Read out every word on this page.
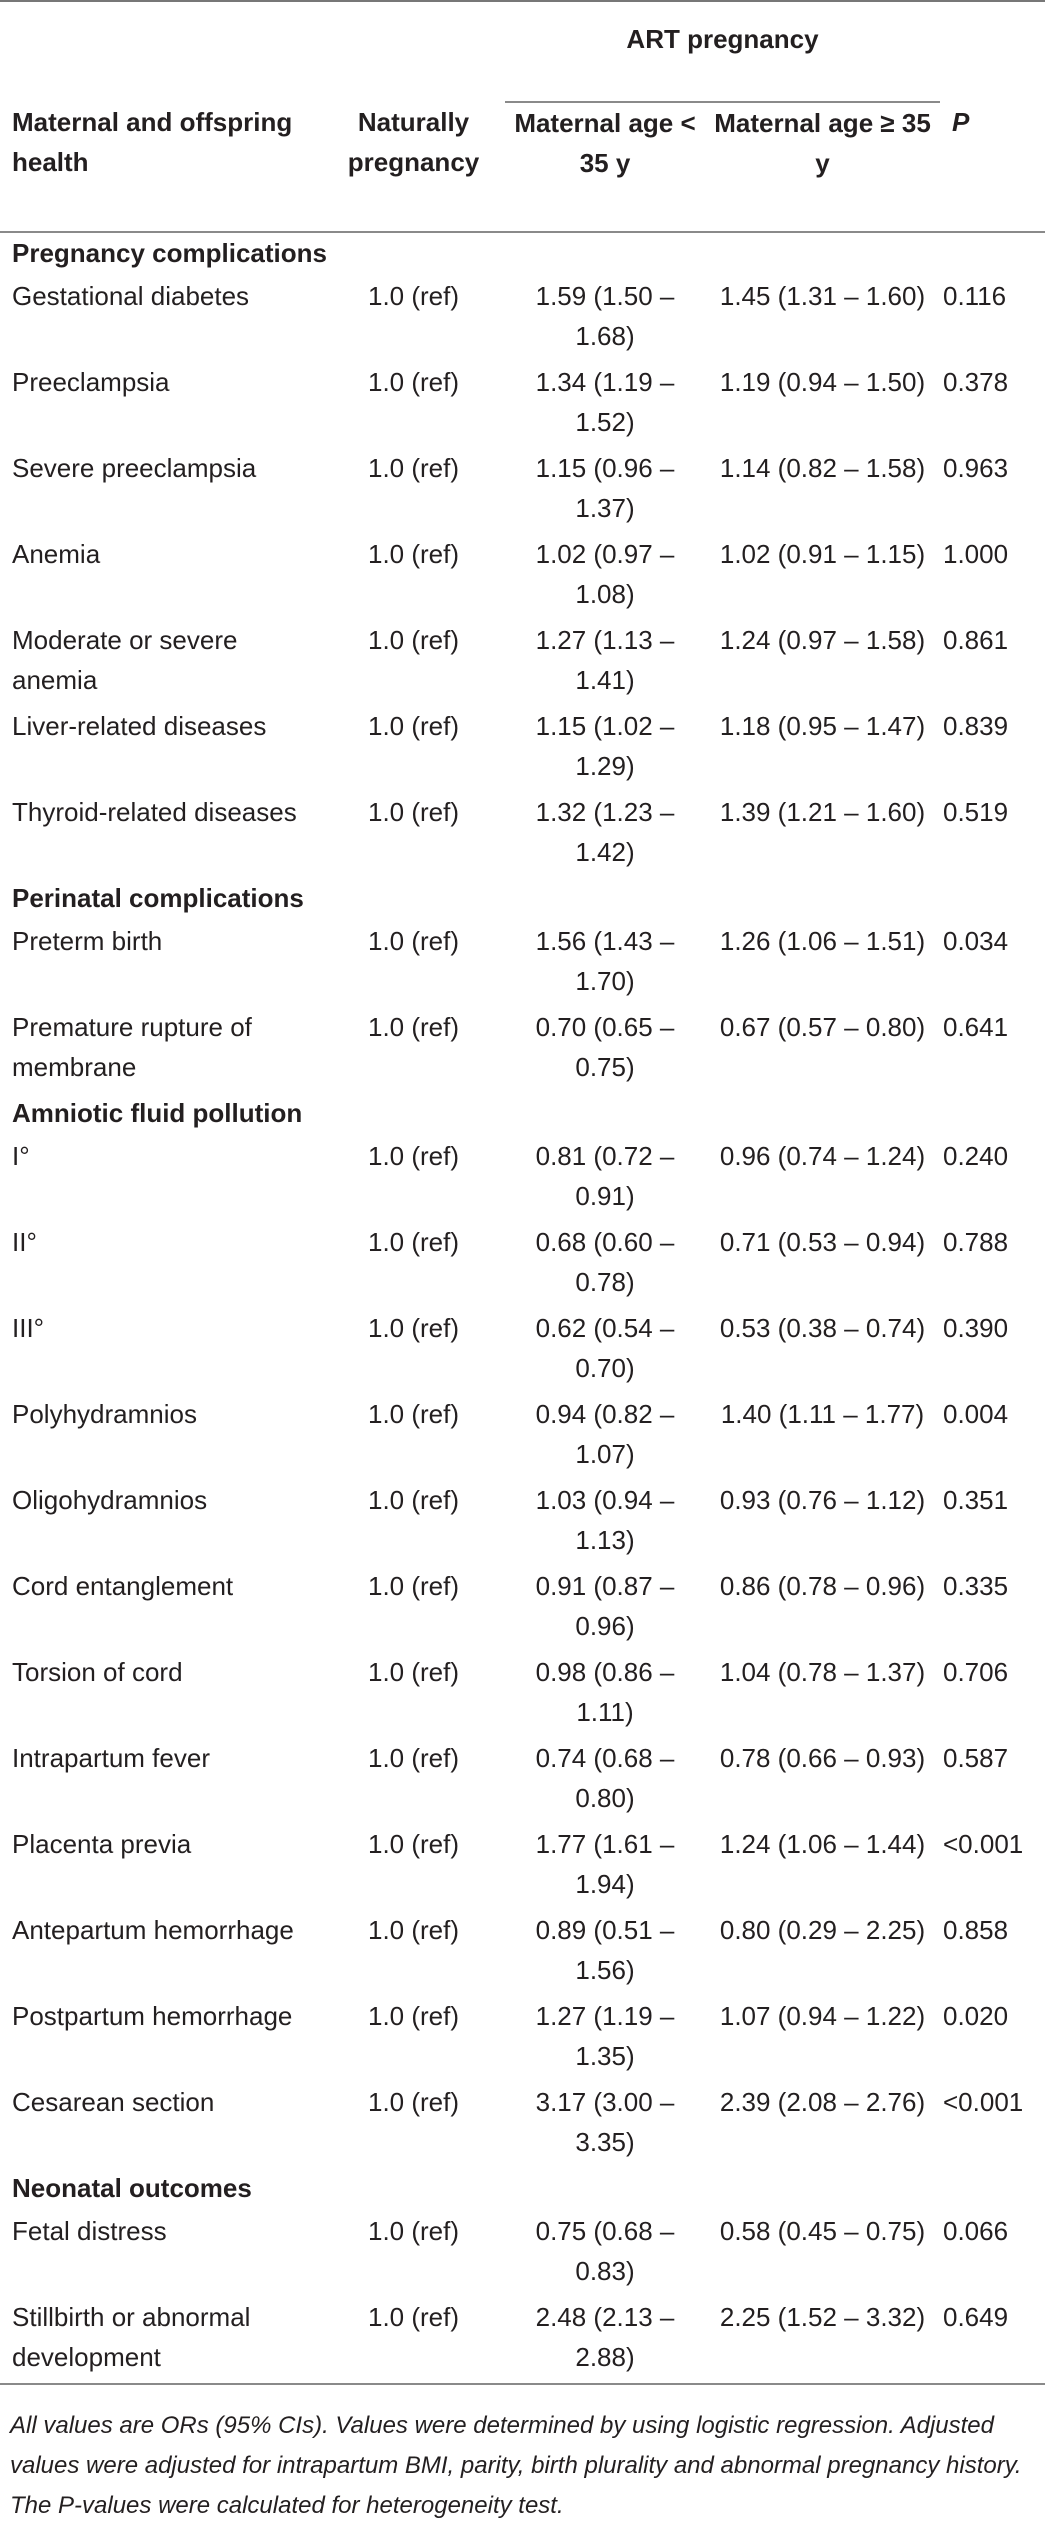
		ART pregnancy		
Maternal and offspring health	Naturally pregnancy	Maternal age < 35 y	Maternal age ≥ 35 y	P
Pregnancy complications				
Gestational diabetes	1.0 (ref)	1.59 (1.50 – 1.68)	1.45 (1.31 – 1.60)	0.116
Preeclampsia	1.0 (ref)	1.34 (1.19 – 1.52)	1.19 (0.94 – 1.50)	0.378
Severe preeclampsia	1.0 (ref)	1.15 (0.96 – 1.37)	1.14 (0.82 – 1.58)	0.963
Anemia	1.0 (ref)	1.02 (0.97 – 1.08)	1.02 (0.91 – 1.15)	1.000
Moderate or severe anemia	1.0 (ref)	1.27 (1.13 – 1.41)	1.24 (0.97 – 1.58)	0.861
Liver-related diseases	1.0 (ref)	1.15 (1.02 – 1.29)	1.18 (0.95 – 1.47)	0.839
Thyroid-related diseases	1.0 (ref)	1.32 (1.23 – 1.42)	1.39 (1.21 – 1.60)	0.519
Perinatal complications				
Preterm birth	1.0 (ref)	1.56 (1.43 – 1.70)	1.26 (1.06 – 1.51)	0.034
Premature rupture of membrane	1.0 (ref)	0.70 (0.65 – 0.75)	0.67 (0.57 – 0.80)	0.641
Amniotic fluid pollution				
I°	1.0 (ref)	0.81 (0.72 – 0.91)	0.96 (0.74 – 1.24)	0.240
II°	1.0 (ref)	0.68 (0.60 – 0.78)	0.71 (0.53 – 0.94)	0.788
III°	1.0 (ref)	0.62 (0.54 – 0.70)	0.53 (0.38 – 0.74)	0.390
Polyhydramnios	1.0 (ref)	0.94 (0.82 – 1.07)	1.40 (1.11 – 1.77)	0.004
Oligohydramnios	1.0 (ref)	1.03 (0.94 – 1.13)	0.93 (0.76 – 1.12)	0.351
Cord entanglement	1.0 (ref)	0.91 (0.87 – 0.96)	0.86 (0.78 – 0.96)	0.335
Torsion of cord	1.0 (ref)	0.98 (0.86 – 1.11)	1.04 (0.78 – 1.37)	0.706
Intrapartum fever	1.0 (ref)	0.74 (0.68 – 0.80)	0.78 (0.66 – 0.93)	0.587
Placenta previa	1.0 (ref)	1.77 (1.61 – 1.94)	1.24 (1.06 – 1.44)	<0.001
Antepartum hemorrhage	1.0 (ref)	0.89 (0.51 – 1.56)	0.80 (0.29 – 2.25)	0.858
Postpartum hemorrhage	1.0 (ref)	1.27 (1.19 – 1.35)	1.07 (0.94 – 1.22)	0.020
Cesarean section	1.0 (ref)	3.17 (3.00 – 3.35)	2.39 (2.08 – 2.76)	<0.001
Neonatal outcomes				
Fetal distress	1.0 (ref)	0.75 (0.68 – 0.83)	0.58 (0.45 – 0.75)	0.066
Stillbirth or abnormal development	1.0 (ref)	2.48 (2.13 – 2.88)	2.25 (1.52 – 3.32)	0.649
All values are ORs (95% CIs). Values were determined by using logistic regression. Adjusted values were adjusted for intrapartum BMI, parity, birth plurality and abnormal pregnancy history. The P-values were calculated for heterogeneity test.
